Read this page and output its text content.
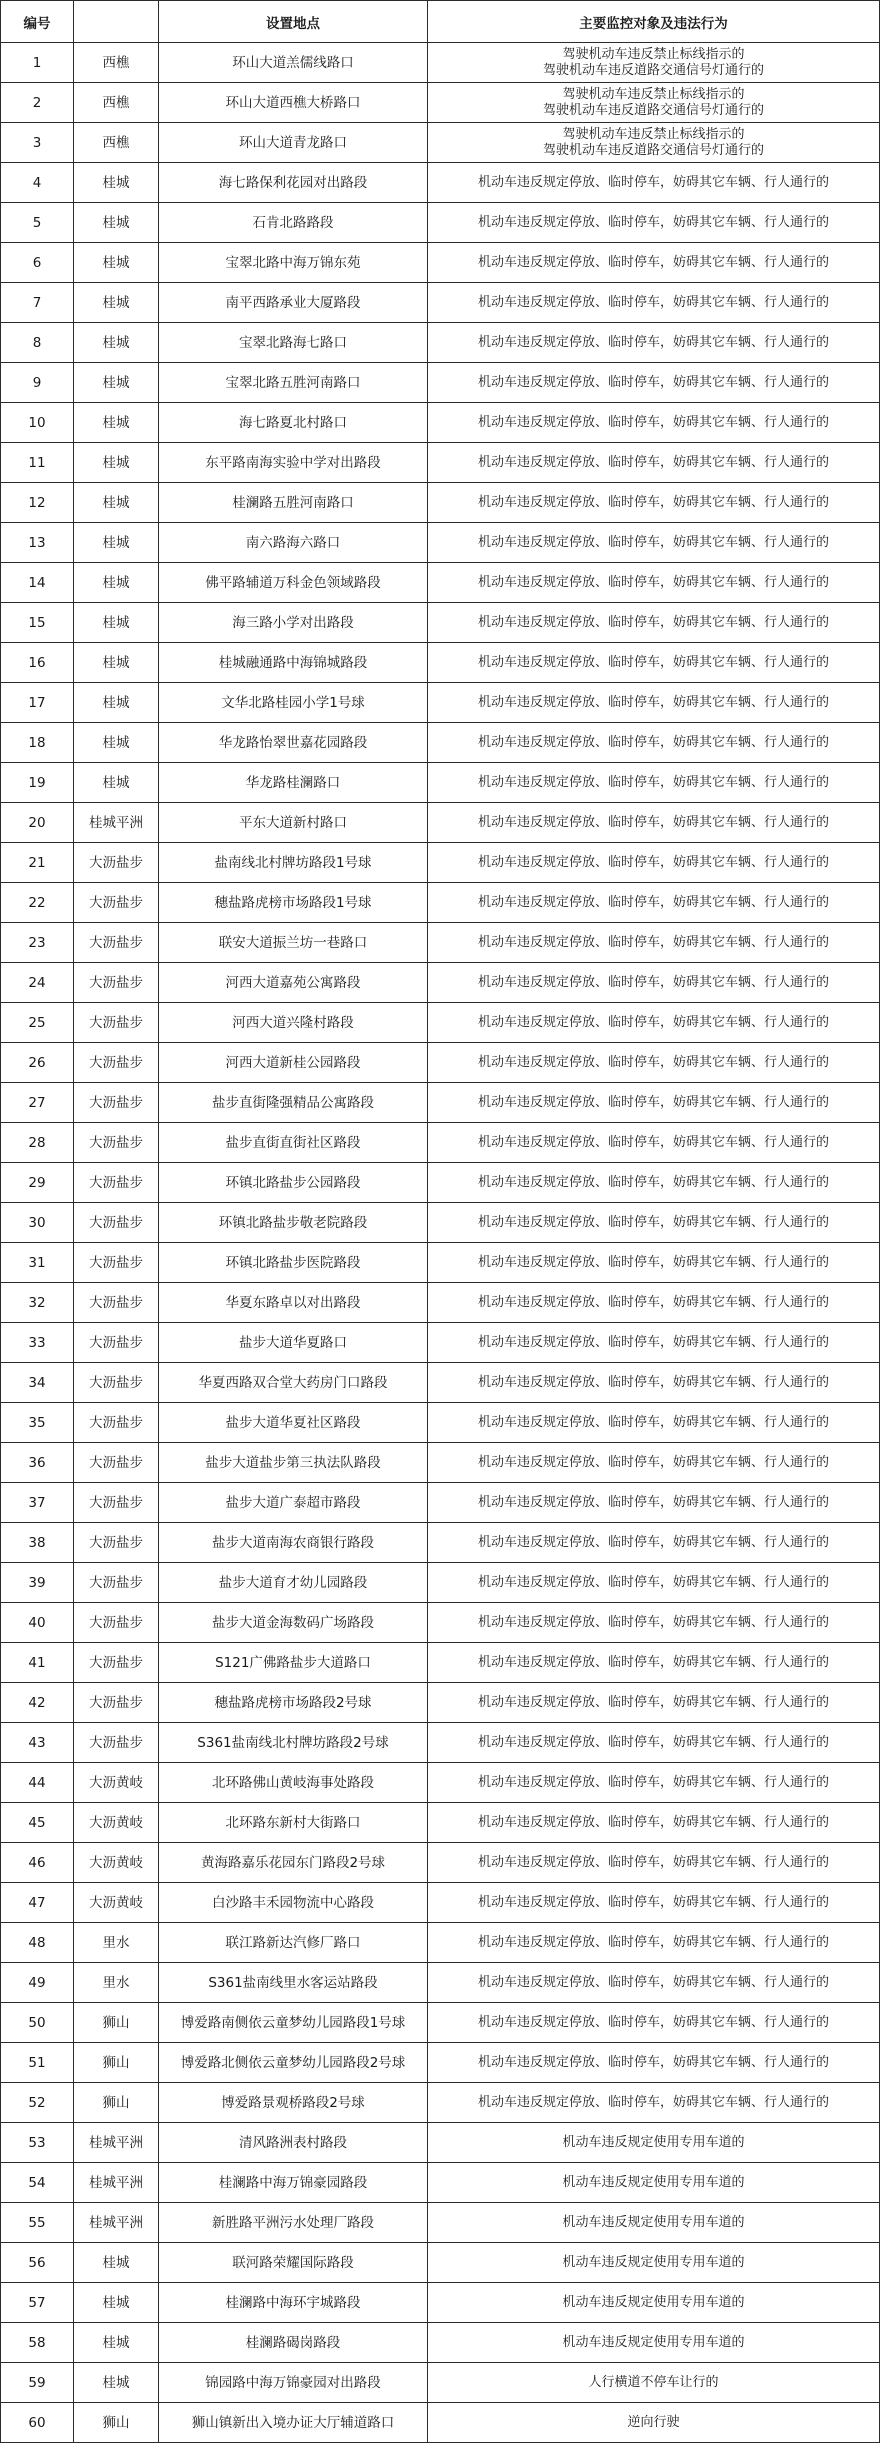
编号		设置地点	主要监控对象及违法行为
1	西樵	环山大道羔儒线路口	驾驶机动车违反禁止标线指示的
驾驶机动车违反道路交通信号灯通行的
2	西樵	环山大道西樵大桥路口	驾驶机动车违反禁止标线指示的
驾驶机动车违反道路交通信号灯通行的
3	西樵	环山大道青龙路口	驾驶机动车违反禁止标线指示的
驾驶机动车违反道路交通信号灯通行的
4	桂城	海七路保利花园对出路段	机动车违反规定停放、临时停车，妨碍其它车辆、行人通行的
5	桂城	石肯北路路段	机动车违反规定停放、临时停车，妨碍其它车辆、行人通行的
6	桂城	宝翠北路中海万锦东苑	机动车违反规定停放、临时停车，妨碍其它车辆、行人通行的
7	桂城	南平西路承业大厦路段	机动车违反规定停放、临时停车，妨碍其它车辆、行人通行的
8	桂城	宝翠北路海七路口	机动车违反规定停放、临时停车，妨碍其它车辆、行人通行的
9	桂城	宝翠北路五胜河南路口	机动车违反规定停放、临时停车，妨碍其它车辆、行人通行的
10	桂城	海七路夏北村路口	机动车违反规定停放、临时停车，妨碍其它车辆、行人通行的
11	桂城	东平路南海实验中学对出路段	机动车违反规定停放、临时停车，妨碍其它车辆、行人通行的
12	桂城	桂澜路五胜河南路口	机动车违反规定停放、临时停车，妨碍其它车辆、行人通行的
13	桂城	南六路海六路口	机动车违反规定停放、临时停车，妨碍其它车辆、行人通行的
14	桂城	佛平路辅道万科金色领域路段	机动车违反规定停放、临时停车，妨碍其它车辆、行人通行的
15	桂城	海三路小学对出路段	机动车违反规定停放、临时停车，妨碍其它车辆、行人通行的
16	桂城	桂城融通路中海锦城路段	机动车违反规定停放、临时停车，妨碍其它车辆、行人通行的
17	桂城	文华北路桂园小学1号球	机动车违反规定停放、临时停车，妨碍其它车辆、行人通行的
18	桂城	华龙路怡翠世嘉花园路段	机动车违反规定停放、临时停车，妨碍其它车辆、行人通行的
19	桂城	华龙路桂澜路口	机动车违反规定停放、临时停车，妨碍其它车辆、行人通行的
20	桂城平洲	平东大道新村路口	机动车违反规定停放、临时停车，妨碍其它车辆、行人通行的
21	大沥盐步	盐南线北村牌坊路段1号球	机动车违反规定停放、临时停车，妨碍其它车辆、行人通行的
22	大沥盐步	穗盐路虎榜市场路段1号球	机动车违反规定停放、临时停车，妨碍其它车辆、行人通行的
23	大沥盐步	联安大道振兰坊一巷路口	机动车违反规定停放、临时停车，妨碍其它车辆、行人通行的
24	大沥盐步	河西大道嘉苑公寓路段	机动车违反规定停放、临时停车，妨碍其它车辆、行人通行的
25	大沥盐步	河西大道兴隆村路段	机动车违反规定停放、临时停车，妨碍其它车辆、行人通行的
26	大沥盐步	河西大道新桂公园路段	机动车违反规定停放、临时停车，妨碍其它车辆、行人通行的
27	大沥盐步	盐步直街隆强精品公寓路段	机动车违反规定停放、临时停车，妨碍其它车辆、行人通行的
28	大沥盐步	盐步直街直街社区路段	机动车违反规定停放、临时停车，妨碍其它车辆、行人通行的
29	大沥盐步	环镇北路盐步公园路段	机动车违反规定停放、临时停车，妨碍其它车辆、行人通行的
30	大沥盐步	环镇北路盐步敬老院路段	机动车违反规定停放、临时停车，妨碍其它车辆、行人通行的
31	大沥盐步	环镇北路盐步医院路段	机动车违反规定停放、临时停车，妨碍其它车辆、行人通行的
32	大沥盐步	华夏东路卓以对出路段	机动车违反规定停放、临时停车，妨碍其它车辆、行人通行的
33	大沥盐步	盐步大道华夏路口	机动车违反规定停放、临时停车，妨碍其它车辆、行人通行的
34	大沥盐步	华夏西路双合堂大药房门口路段	机动车违反规定停放、临时停车，妨碍其它车辆、行人通行的
35	大沥盐步	盐步大道华夏社区路段	机动车违反规定停放、临时停车，妨碍其它车辆、行人通行的
36	大沥盐步	盐步大道盐步第三执法队路段	机动车违反规定停放、临时停车，妨碍其它车辆、行人通行的
37	大沥盐步	盐步大道广泰超市路段	机动车违反规定停放、临时停车，妨碍其它车辆、行人通行的
38	大沥盐步	盐步大道南海农商银行路段	机动车违反规定停放、临时停车，妨碍其它车辆、行人通行的
39	大沥盐步	盐步大道育才幼儿园路段	机动车违反规定停放、临时停车，妨碍其它车辆、行人通行的
40	大沥盐步	盐步大道金海数码广场路段	机动车违反规定停放、临时停车，妨碍其它车辆、行人通行的
41	大沥盐步	S121广佛路盐步大道路口	机动车违反规定停放、临时停车，妨碍其它车辆、行人通行的
42	大沥盐步	穗盐路虎榜市场路段2号球	机动车违反规定停放、临时停车，妨碍其它车辆、行人通行的
43	大沥盐步	S361盐南线北村牌坊路段2号球	机动车违反规定停放、临时停车，妨碍其它车辆、行人通行的
44	大沥黄岐	北环路佛山黄岐海事处路段	机动车违反规定停放、临时停车，妨碍其它车辆、行人通行的
45	大沥黄岐	北环路东新村大街路口	机动车违反规定停放、临时停车，妨碍其它车辆、行人通行的
46	大沥黄岐	黄海路嘉乐花园东门路段2号球	机动车违反规定停放、临时停车，妨碍其它车辆、行人通行的
47	大沥黄岐	白沙路丰禾园物流中心路段	机动车违反规定停放、临时停车，妨碍其它车辆、行人通行的
48	里水	联江路新达汽修厂路口	机动车违反规定停放、临时停车，妨碍其它车辆、行人通行的
49	里水	S361盐南线里水客运站路段	机动车违反规定停放、临时停车，妨碍其它车辆、行人通行的
50	狮山	博爱路南侧依云童梦幼儿园路段1号球	机动车违反规定停放、临时停车，妨碍其它车辆、行人通行的
51	狮山	博爱路北侧依云童梦幼儿园路段2号球	机动车违反规定停放、临时停车，妨碍其它车辆、行人通行的
52	狮山	博爱路景观桥路段2号球	机动车违反规定停放、临时停车，妨碍其它车辆、行人通行的
53	桂城平洲	清风路洲表村路段	机动车违反规定使用专用车道的
54	桂城平洲	桂澜路中海万锦豪园路段	机动车违反规定使用专用车道的
55	桂城平洲	新胜路平洲污水处理厂路段	机动车违反规定使用专用车道的
56	桂城	联河路荣耀国际路段	机动车违反规定使用专用车道的
57	桂城	桂澜路中海环宇城路段	机动车违反规定使用专用车道的
58	桂城	桂澜路碣岗路段	机动车违反规定使用专用车道的
59	桂城	锦园路中海万锦豪园对出路段	人行横道不停车让行的
60	狮山	狮山镇新出入境办证大厅辅道路口	逆向行驶
